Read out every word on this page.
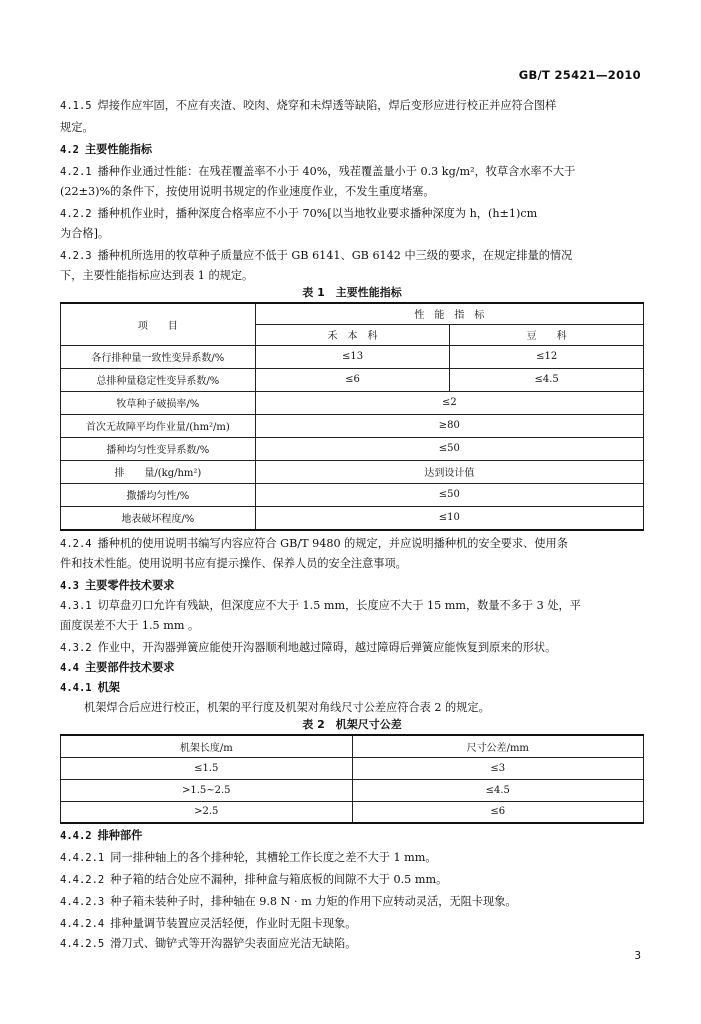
GB/T 25421—2010
4.1.5 焊接作应牢固，不应有夹渣、咬肉、烧穿和未焊透等缺陷，焊后变形应进行校正并应符合图样
规定。
4.2 主要性能指标
4.2.1 播种作业通过性能：在残茬覆盖率不小于 40%，残茬覆盖量小于 0.3 kg/m²，牧草含水率不大于
(22±3)%的条件下，按使用说明书规定的作业速度作业，不发生重度堵塞。
4.2.2 播种机作业时，播种深度合格率应不小于 70%[以当地牧业要求播种深度为 h，(h±1)cm
为合格]。
4.2.3 播种机所选用的牧草种子质量应不低于 GB 6141、GB 6142 中三级的要求，在规定排量的情况
下，主要性能指标应达到表 1 的规定。
表 1　主要性能指标
项　　目	性　能　指　标	
	禾　本　科	豆　　科
各行排种量一致性变异系数/%	≤13	≤12
总排种量稳定性变异系数/%	≤6	≤4.5
牧草种子破损率/%	≤2	
首次无故障平均作业量/(hm²/m)	≥80	
播种均匀性变异系数/%	≤50	
排　　量/(kg/hm²)	达到设计值	
撒播均匀性/%	≤50	
地表破坏程度/%	≤10	
4.2.4 播种机的使用说明书编写内容应符合 GB/T 9480 的规定，并应说明播种机的安全要求、使用条
件和技术性能。使用说明书应有提示操作、保养人员的安全注意事项。
4.3 主要零件技术要求
4.3.1 切草盘刃口允许有残缺，但深度应不大于 1.5 mm，长度应不大于 15 mm，数量不多于 3 处，平
面度误差不大于 1.5 mm 。
4.3.2 作业中，开沟器弹簧应能使开沟器顺利地越过障碍，越过障碍后弹簧应能恢复到原来的形状。
4.4 主要部件技术要求
4.4.1 机架
机架焊合后应进行校正，机架的平行度及机架对角线尺寸公差应符合表 2 的规定。
表 2　机架尺寸公差
机架长度/m	尺寸公差/mm
≤1.5	≤3
>1.5~2.5	≤4.5
>2.5	≤6
4.4.2 排种部件
4.4.2.1 同一排种轴上的各个排种轮，其槽轮工作长度之差不大于 1 mm。
4.4.2.2 种子箱的结合处应不漏种，排种盒与箱底板的间隙不大于 0.5 mm。
4.4.2.3 种子箱未装种子时，排种轴在 9.8 N · m 力矩的作用下应转动灵活，无阻卡现象。
4.4.2.4 排种量调节装置应灵活轻便，作业时无阻卡现象。
4.4.2.5 滑刀式、锄铲式等开沟器铲尖表面应光洁无缺陷。
3
